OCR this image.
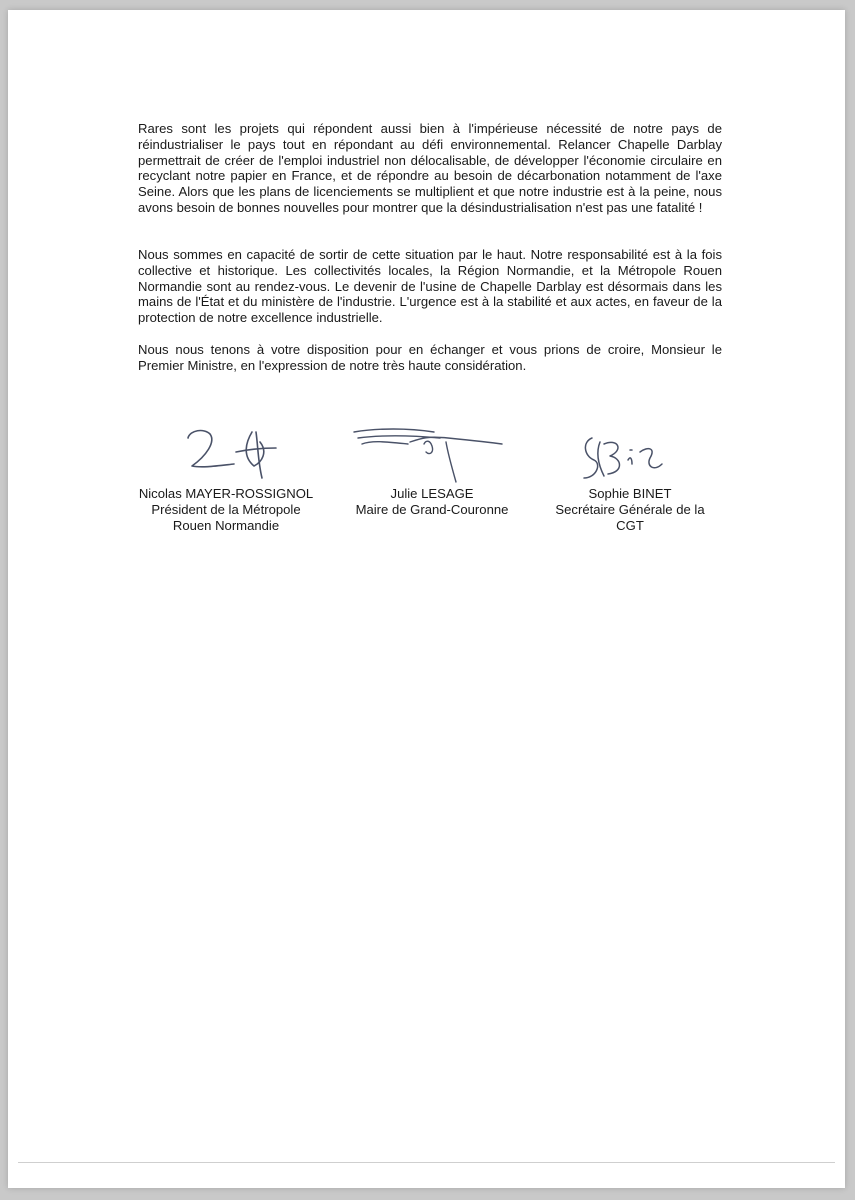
Rares sont les projets qui répondent aussi bien à l'impérieuse nécessité de notre pays de réindustrialiser le pays tout en répondant au défi environnemental. Relancer Chapelle Darblay permettrait de créer de l'emploi industriel non délocalisable, de développer l'économie circulaire en recyclant notre papier en France, et de répondre au besoin de décarbonation notamment de l'axe Seine. Alors que les plans de licenciements se multiplient et que notre industrie est à la peine, nous avons besoin de bonnes nouvelles pour montrer que la désindustrialisation n'est pas une fatalité !

Nous sommes en capacité de sortir de cette situation par le haut. Notre responsabilité est à la fois collective et historique. Les collectivités locales, la Région Normandie, et la Métropole Rouen Normandie sont au rendez-vous. Le devenir de l'usine de Chapelle Darblay est désormais dans les mains de l'État et du ministère de l'industrie. L'urgence est à la stabilité et aux actes, en faveur de la protection de notre excellence industrielle.

Nous nous tenons à votre disposition pour en échanger et vous prions de croire, Monsieur le Premier Ministre, en l'expression de notre très haute considération.

Nicolas MAYER-ROSSIGNOL
Président de la Métropole
Rouen Normandie
Julie LESAGE
Maire de Grand-Couronne
Sophie BINET
Secrétaire Générale de la
CGT
